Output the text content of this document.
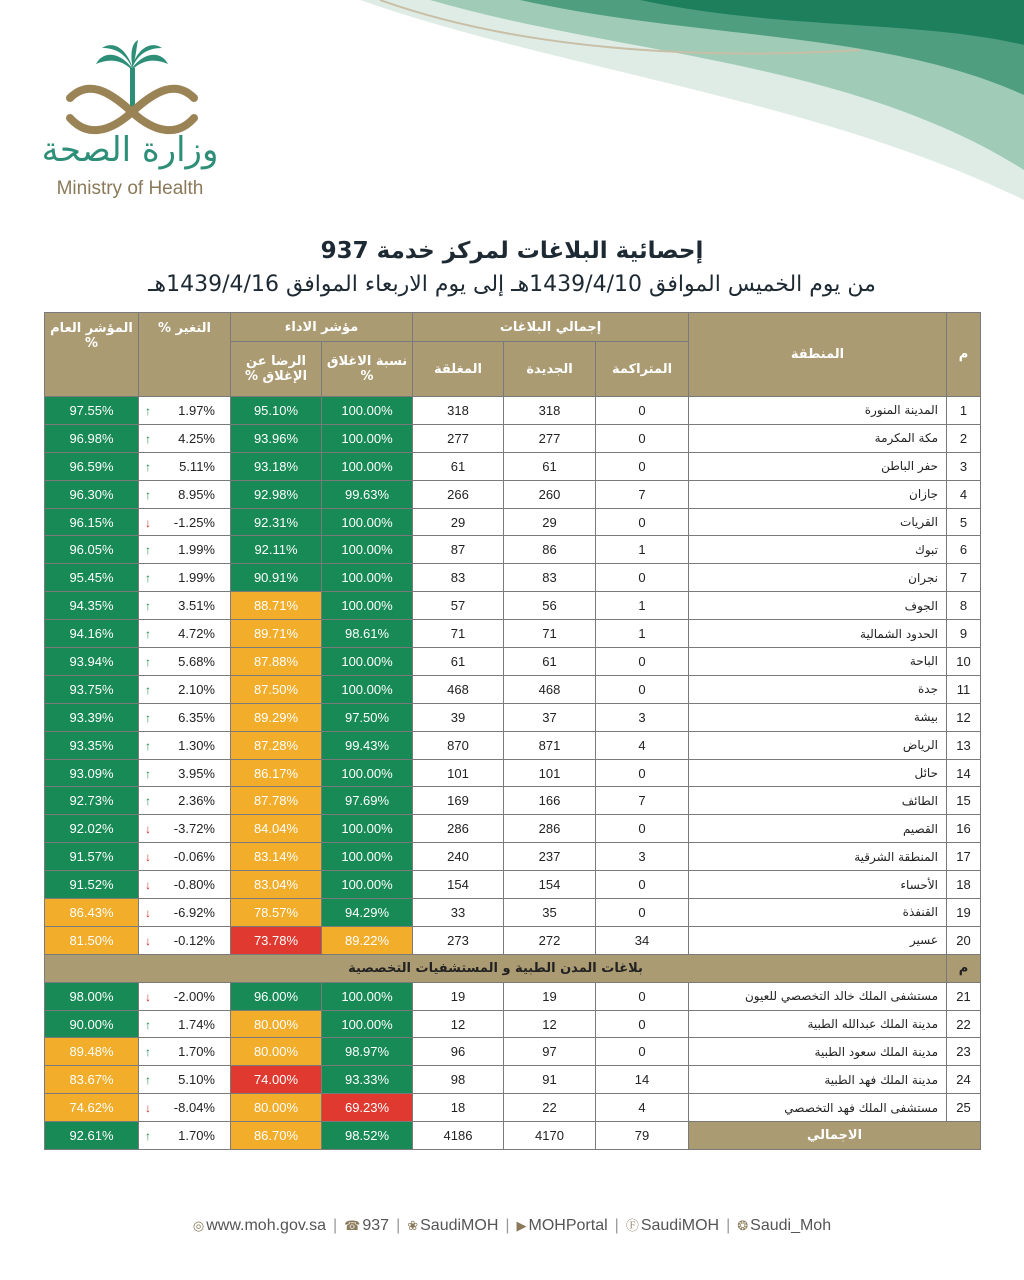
وزارة الصحة
Ministry of Health
إحصائية البلاغات لمركز خدمة 937
من يوم الخميس الموافق 1439/4/10هـ إلى يوم الاربعاء الموافق 1439/4/16هـ
م	المنطقة	إجمالي البلاغات			مؤشر الاداء		التغير %	المؤشر العام %
		المتراكمة	الجديدة	المغلقة	نسبة الاغلاق %	الرضا عن الإغلاق %		
1	المدينة المنورة	0	318	318	100.00%	95.10%	↑ 1.97%	97.55%
2	مكة المكرمة	0	277	277	100.00%	93.96%	↑ 4.25%	96.98%
3	حفر الباطن	0	61	61	100.00%	93.18%	↑ 5.11%	96.59%
4	جازان	7	260	266	99.63%	92.98%	↑ 8.95%	96.30%
5	القريات	0	29	29	100.00%	92.31%	↓ -1.25%	96.15%
6	تبوك	1	86	87	100.00%	92.11%	↑ 1.99%	96.05%
7	نجران	0	83	83	100.00%	90.91%	↑ 1.99%	95.45%
8	الجوف	1	56	57	100.00%	88.71%	↑ 3.51%	94.35%
9	الحدود الشمالية	1	71	71	98.61%	89.71%	↑ 4.72%	94.16%
10	الباحة	0	61	61	100.00%	87.88%	↑ 5.68%	93.94%
11	جدة	0	468	468	100.00%	87.50%	↑ 2.10%	93.75%
12	بيشة	3	37	39	97.50%	89.29%	↑ 6.35%	93.39%
13	الرياض	4	871	870	99.43%	87.28%	↑ 1.30%	93.35%
14	حائل	0	101	101	100.00%	86.17%	↑ 3.95%	93.09%
15	الطائف	7	166	169	97.69%	87.78%	↑ 2.36%	92.73%
16	القصيم	0	286	286	100.00%	84.04%	↓ -3.72%	92.02%
17	المنطقة الشرقية	3	237	240	100.00%	83.14%	↓ -0.06%	91.57%
18	الأحساء	0	154	154	100.00%	83.04%	↓ -0.80%	91.52%
19	القنفذة	0	35	33	94.29%	78.57%	↓ -6.92%	86.43%
20	عسير	34	272	273	89.22%	73.78%	↓ -0.12%	81.50%
م	بلاغات المدن الطبية و المستشفيات التخصصية							
21	مستشفى الملك خالد التخصصي للعيون	0	19	19	100.00%	96.00%	↓ -2.00%	98.00%
22	مدينة الملك عبدالله الطبية	0	12	12	100.00%	80.00%	↑ 1.74%	90.00%
23	مدينة الملك سعود الطبية	0	97	96	98.97%	80.00%	↑ 1.70%	89.48%
24	مدينة الملك فهد الطبية	14	91	98	93.33%	74.00%	↑ 5.10%	83.67%
25	مستشفى الملك فهد التخصصي	4	22	18	69.23%	80.00%	↓ -8.04%	74.62%
الاجمالي		79	4170	4186	98.52%	86.70%	↑ 1.70%	92.61%
◎ www.moh.gov.sa | ☎ 937 | ❀ SaudiMOH | ▶ MOHPortal | Ⓕ SaudiMOH | ❂ Saudi_Moh
